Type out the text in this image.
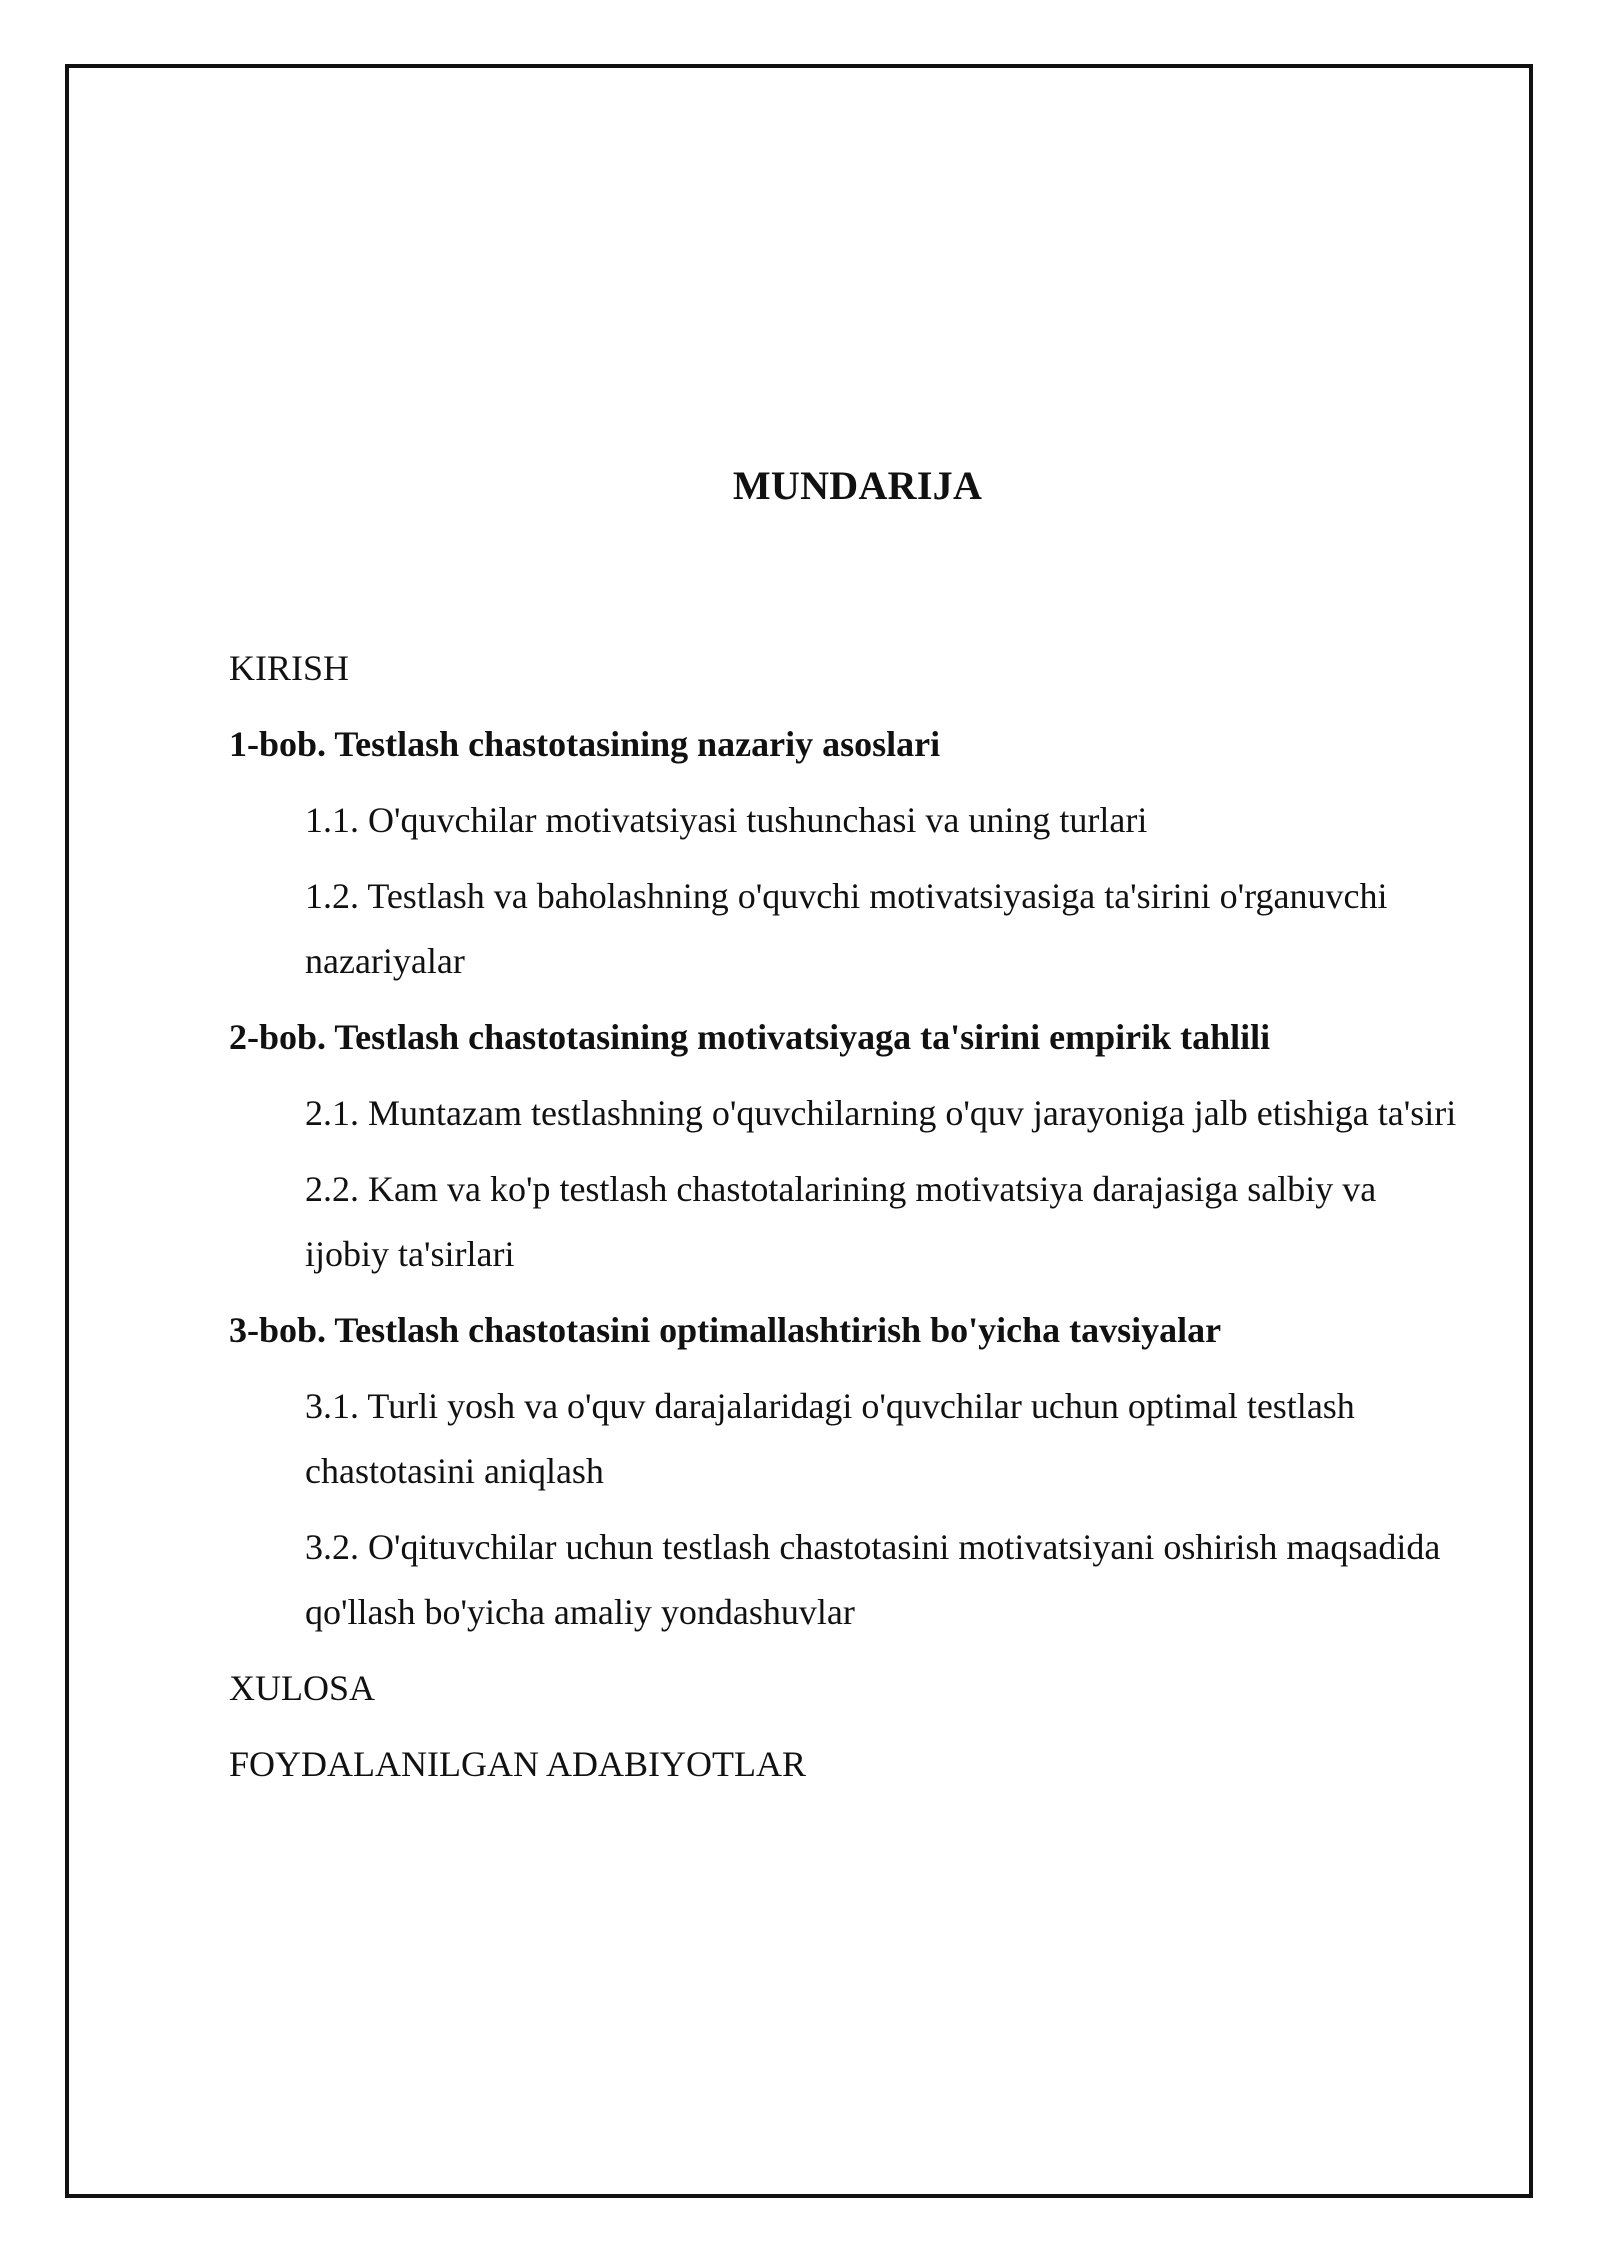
MUNDARIJA
KIRISH
1-bob. Testlash chastotasining nazariy asoslari
1.1. O'quvchilar motivatsiyasi tushunchasi va uning turlari
1.2. Testlash va baholashning o'quvchi motivatsiyasiga ta'sirini o'rganuvchi nazariyalar
2-bob. Testlash chastotasining motivatsiyaga ta'sirini empirik tahlili
2.1. Muntazam testlashning o'quvchilarning o'quv jarayoniga jalb etishiga ta'siri
2.2. Kam va ko'p testlash chastotalarining motivatsiya darajasiga salbiy va ijobiy ta'sirlari
3-bob. Testlash chastotasini optimallashtirish bo'yicha tavsiyalar
3.1. Turli yosh va o'quv darajalaridagi o'quvchilar uchun optimal testlash chastotasini aniqlash
3.2. O'qituvchilar uchun testlash chastotasini motivatsiyani oshirish maqsadida qo'llash bo'yicha amaliy yondashuvlar
XULOSA
FOYDALANILGAN ADABIYOTLAR
